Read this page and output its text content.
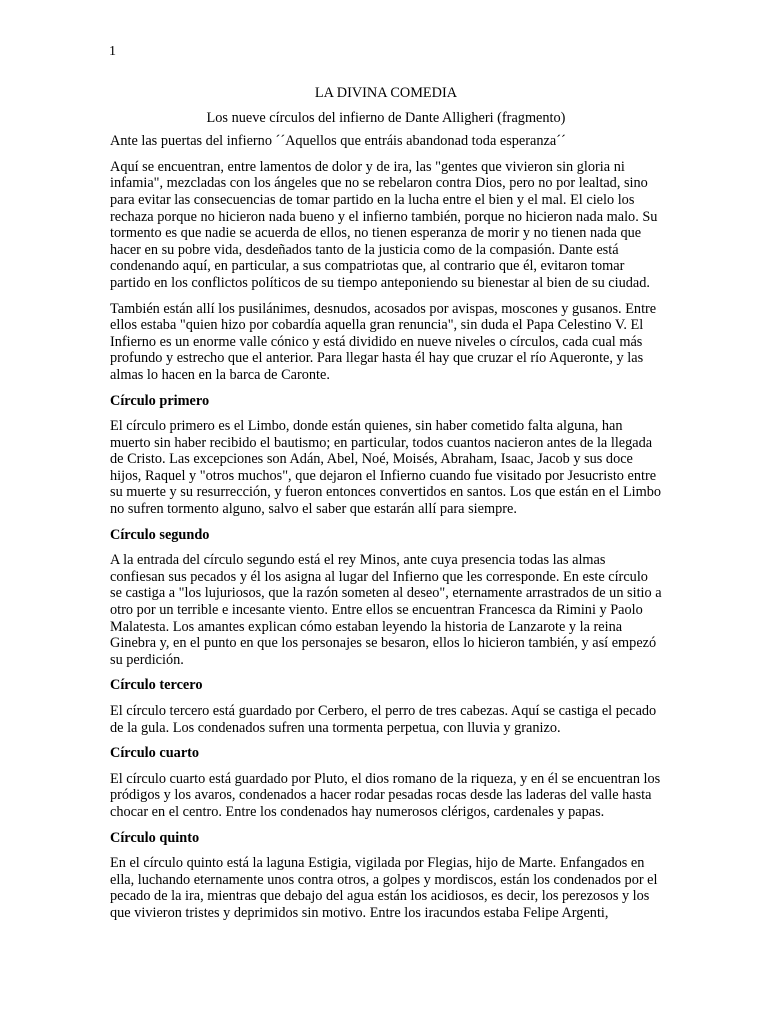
1

LA DIVINA COMEDIA

Los nueve círculos del infierno de Dante Alligheri (fragmento)

Ante las puertas del infierno ´´Aquellos que entráis abandonad toda esperanza´´

Aquí se encuentran, entre lamentos de dolor y de ira, las "gentes que vivieron sin gloria ni infamia", mezcladas con los ángeles que no se rebelaron contra Dios, pero no por lealtad, sino para evitar las consecuencias de tomar partido en la lucha entre el bien y el mal. El cielo los rechaza porque no hicieron nada bueno y el infierno también, porque no hicieron nada malo. Su tormento es que nadie se acuerda de ellos, no tienen esperanza de morir y no tienen nada que hacer en su pobre vida, desdeñados tanto de la justicia como de la compasión. Dante está condenando aquí, en particular, a sus compatriotas que, al contrario que él, evitaron tomar partido en los conflictos políticos de su tiempo anteponiendo su bienestar al bien de su ciudad.

También están allí los pusilánimes, desnudos, acosados por avispas, moscones y gusanos. Entre ellos estaba "quien hizo por cobardía aquella gran renuncia", sin duda el Papa Celestino V. El Infierno es un enorme valle cónico y está dividido en nueve niveles o círculos, cada cual más profundo y estrecho que el anterior. Para llegar hasta él hay que cruzar el río Aqueronte, y las almas lo hacen en la barca de Caronte.

Círculo primero

El círculo primero es el Limbo, donde están quienes, sin haber cometido falta alguna, han muerto sin haber recibido el bautismo; en particular, todos cuantos nacieron antes de la llegada de Cristo. Las excepciones son Adán, Abel, Noé, Moisés, Abraham, Isaac, Jacob y sus doce hijos, Raquel y "otros muchos", que dejaron el Infierno cuando fue visitado por Jesucristo entre su muerte y su resurrección, y fueron entonces convertidos en santos. Los que están en el Limbo no sufren tormento alguno, salvo el saber que estarán allí para siempre.

Círculo segundo

A la entrada del círculo segundo está el rey Minos, ante cuya presencia todas las almas confiesan sus pecados y él los asigna al lugar del Infierno que les corresponde. En este círculo se castiga a "los lujuriosos, que la razón someten al deseo", eternamente arrastrados de un sitio a otro por un terrible e incesante viento. Entre ellos se encuentran Francesca da Rimini y Paolo Malatesta. Los amantes explican cómo estaban leyendo la historia de Lanzarote y la reina Ginebra y, en el punto en que los personajes se besaron, ellos lo hicieron también, y así empezó su perdición.

Círculo tercero

El círculo tercero está guardado por Cerbero, el perro de tres cabezas. Aquí se castiga el pecado de la gula. Los condenados sufren una tormenta perpetua, con lluvia y granizo.

Círculo cuarto

El círculo cuarto está guardado por Pluto, el dios romano de la riqueza, y en él se encuentran los pródigos y los avaros, condenados a hacer rodar pesadas rocas desde las laderas del valle hasta chocar en el centro. Entre los condenados hay numerosos clérigos, cardenales y papas.

Círculo quinto

En el círculo quinto está la laguna Estigia, vigilada por Flegias, hijo de Marte. Enfangados en ella, luchando eternamente unos contra otros, a golpes y mordiscos, están los condenados por el pecado de la ira, mientras que debajo del agua están los acidiosos, es decir, los perezosos y los que vivieron tristes y deprimidos sin motivo. Entre los iracundos estaba Felipe Argenti,
